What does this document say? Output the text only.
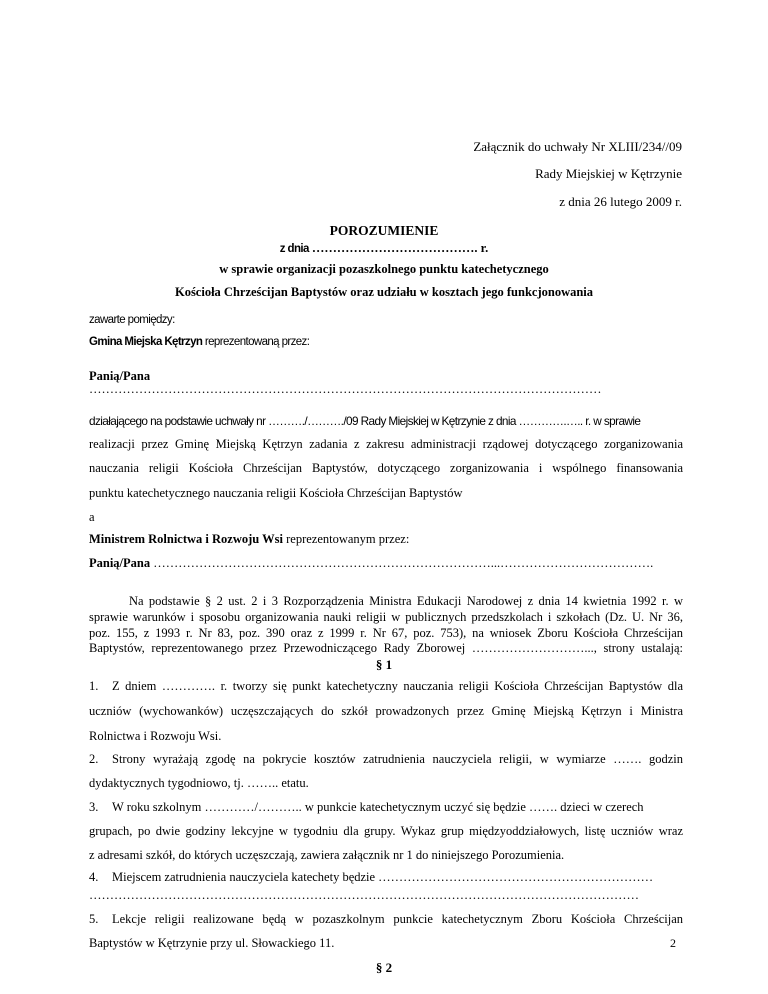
Załącznik do uchwały Nr XLIII/234//09
Rady Miejskiej w Kętrzynie
z dnia 26 lutego 2009 r.
POROZUMIENIE
z dnia …………………………………. r.
w sprawie organizacji pozaszkolnego punktu katechetycznego
Kościoła Chrześcijan Baptystów oraz udziału w kosztach jego funkcjonowania
zawarte pomiędzy:
Gmina Miejska Kętrzyn reprezentowaną przez:
Panią/Pana
……………………………………………………………………………………………………………
działającego na podstawie uchwały nr ………./………./09 Rady Miejskiej w Kętrzynie z dnia ………….….. r. w sprawie
realizacji przez Gminę Miejską Kętrzyn zadania z zakresu administracji rządowej dotyczącego zorganizowania
nauczania religii Kościoła Chrześcijan Baptystów, dotyczącego zorganizowania i wspólnego finansowania
punktu katechetycznego nauczania religii Kościoła Chrześcijan Baptystów
a
Ministrem Rolnictwa i Rozwoju Wsi reprezentowanym przez:
Panią/Pana ………………………………………………………………………...……………………………….
Na podstawie § 2 ust. 2 i 3 Rozporządzenia Ministra Edukacji Narodowej z dnia 14 kwietnia 1992 r. w
sprawie warunków i sposobu organizowania nauki religii w publicznych przedszkolach i szkołach (Dz. U. Nr 36,
poz. 155, z 1993 r. Nr 83, poz. 390 oraz z 1999 r. Nr 67, poz. 753), na wniosek Zboru Kościoła Chrześcijan
Baptystów, reprezentowanego przez Przewodniczącego Rady Zborowej ………………………..., strony ustalają:
§ 1
1. Z dniem …………. r. tworzy się punkt katechetyczny nauczania religii Kościoła Chrześcijan Baptystów dla
uczniów (wychowanków) uczęszczających do szkół prowadzonych przez Gminę Miejską Kętrzyn i Ministra
Rolnictwa i Rozwoju Wsi.
2. Strony wyrażają zgodę na pokrycie kosztów zatrudnienia nauczyciela religii, w wymiarze ……. godzin
dydaktycznych tygodniowo, tj. …….. etatu.
3. W roku szkolnym …………/……….. w punkcie katechetycznym uczyć się będzie ……. dzieci w czerech
grupach, po dwie godziny lekcyjne w tygodniu dla grupy. Wykaz grup międzyoddziałowych, listę uczniów wraz
z adresami szkół, do których uczęszczają, zawiera załącznik nr 1 do niniejszego Porozumienia.
4. Miejscem zatrudnienia nauczyciela katechety będzie …………………………………………………………
……………………………………………………………………………………………………………………
5. Lekcje religii realizowane będą w pozaszkolnym punkcie katechetycznym Zboru Kościoła Chrześcijan
Baptystów w Kętrzynie przy ul. Słowackiego 11.
§ 2
2
